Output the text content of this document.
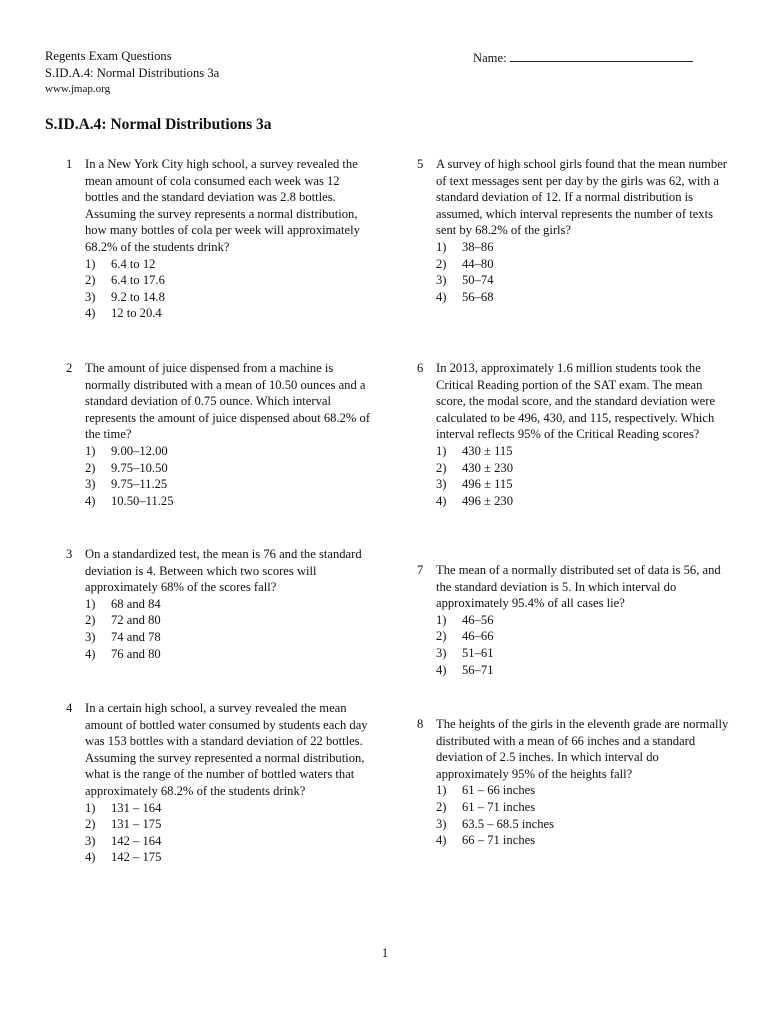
Regents Exam Questions
S.ID.A.4: Normal Distributions 3a
www.jmap.org
Name:
S.ID.A.4: Normal Distributions 3a
1	In a New York City high school, a survey revealed the mean amount of cola consumed each week was 12 bottles and the standard deviation was 2.8 bottles. Assuming the survey represents a normal distribution, how many bottles of cola per week will approximately 68.2% of the students drink?
1)	6.4 to 12
2)	6.4 to 17.6
3)	9.2 to 14.8
4)	12 to 20.4
2	The amount of juice dispensed from a machine is normally distributed with a mean of 10.50 ounces and a standard deviation of 0.75 ounce. Which interval represents the amount of juice dispensed about 68.2% of the time?
1)	9.00–12.00
2)	9.75–10.50
3)	9.75–11.25
4)	10.50–11.25
3	On a standardized test, the mean is 76 and the standard deviation is 4. Between which two scores will approximately 68% of the scores fall?
1)	68 and 84
2)	72 and 80
3)	74 and 78
4)	76 and 80
4	In a certain high school, a survey revealed the mean amount of bottled water consumed by students each day was 153 bottles with a standard deviation of 22 bottles. Assuming the survey represented a normal distribution, what is the range of the number of bottled waters that approximately 68.2% of the students drink?
1)	131 – 164
2)	131 – 175
3)	142 – 164
4)	142 – 175
5	A survey of high school girls found that the mean number of text messages sent per day by the girls was 62, with a standard deviation of 12. If a normal distribution is assumed, which interval represents the number of texts sent by 68.2% of the girls?
1)	38–86
2)	44–80
3)	50–74
4)	56–68
6	In 2013, approximately 1.6 million students took the Critical Reading portion of the SAT exam. The mean score, the modal score, and the standard deviation were calculated to be 496, 430, and 115, respectively. Which interval reflects 95% of the Critical Reading scores?
1)	430 ± 115
2)	430 ± 230
3)	496 ± 115
4)	496 ± 230
7	The mean of a normally distributed set of data is 56, and the standard deviation is 5. In which interval do approximately 95.4% of all cases lie?
1)	46–56
2)	46–66
3)	51–61
4)	56–71
8	The heights of the girls in the eleventh grade are normally distributed with a mean of 66 inches and a standard deviation of 2.5 inches. In which interval do approximately 95% of the heights fall?
1)	61 – 66 inches
2)	61 – 71 inches
3)	63.5 – 68.5 inches
4)	66 – 71 inches
1
